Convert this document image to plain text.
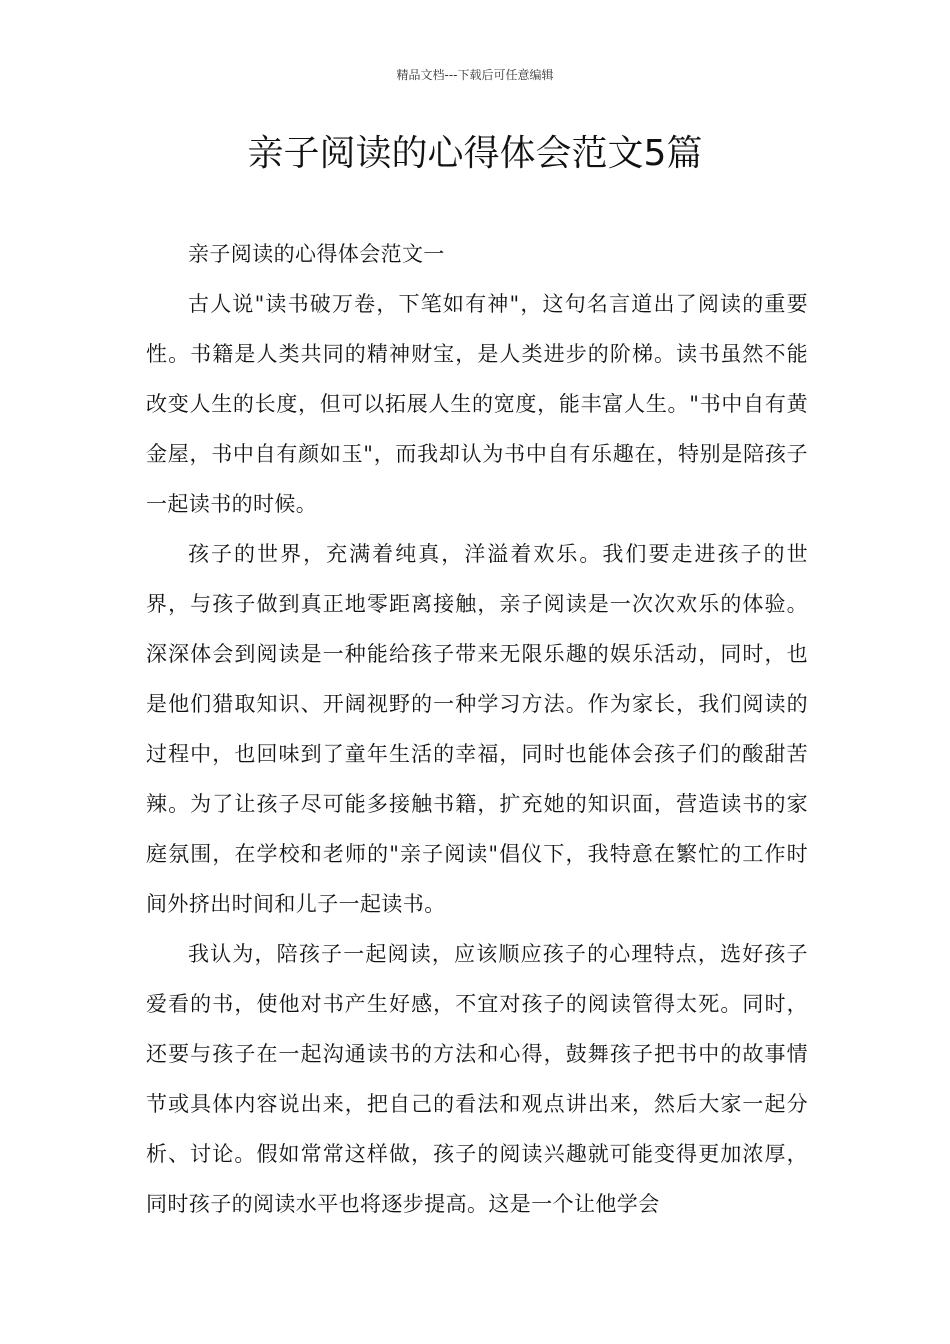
精品文档---下载后可任意编辑
亲子阅读的心得体会范文5篇

亲子阅读的心得体会范文一

古人说"读书破万卷，下笔如有神"，这句名言道出了阅读的重要性。书籍是人类共同的精神财宝，是人类进步的阶梯。读书虽然不能改变人生的长度，但可以拓展人生的宽度，能丰富人生。"书中自有黄金屋，书中自有颜如玉"，而我却认为书中自有乐趣在，特别是陪孩子一起读书的时候。

孩子的世界，充满着纯真，洋溢着欢乐。我们要走进孩子的世界，与孩子做到真正地零距离接触，亲子阅读是一次次欢乐的体验。深深体会到阅读是一种能给孩子带来无限乐趣的娱乐活动，同时，也是他们猎取知识、开阔视野的一种学习方法。作为家长，我们阅读的过程中，也回味到了童年生活的幸福，同时也能体会孩子们的酸甜苦辣。为了让孩子尽可能多接触书籍，扩充她的知识面，营造读书的家庭氛围，在学校和老师的"亲子阅读"倡仪下，我特意在繁忙的工作时间外挤出时间和儿子一起读书。

我认为，陪孩子一起阅读，应该顺应孩子的心理特点，选好孩子爱看的书，使他对书产生好感，不宜对孩子的阅读管得太死。同时，还要与孩子在一起沟通读书的方法和心得，鼓舞孩子把书中的故事情节或具体内容说出来，把自己的看法和观点讲出来，然后大家一起分析、讨论。假如常常这样做，孩子的阅读兴趣就可能变得更加浓厚，同时孩子的阅读水平也将逐步提高。这是一个让他学会
